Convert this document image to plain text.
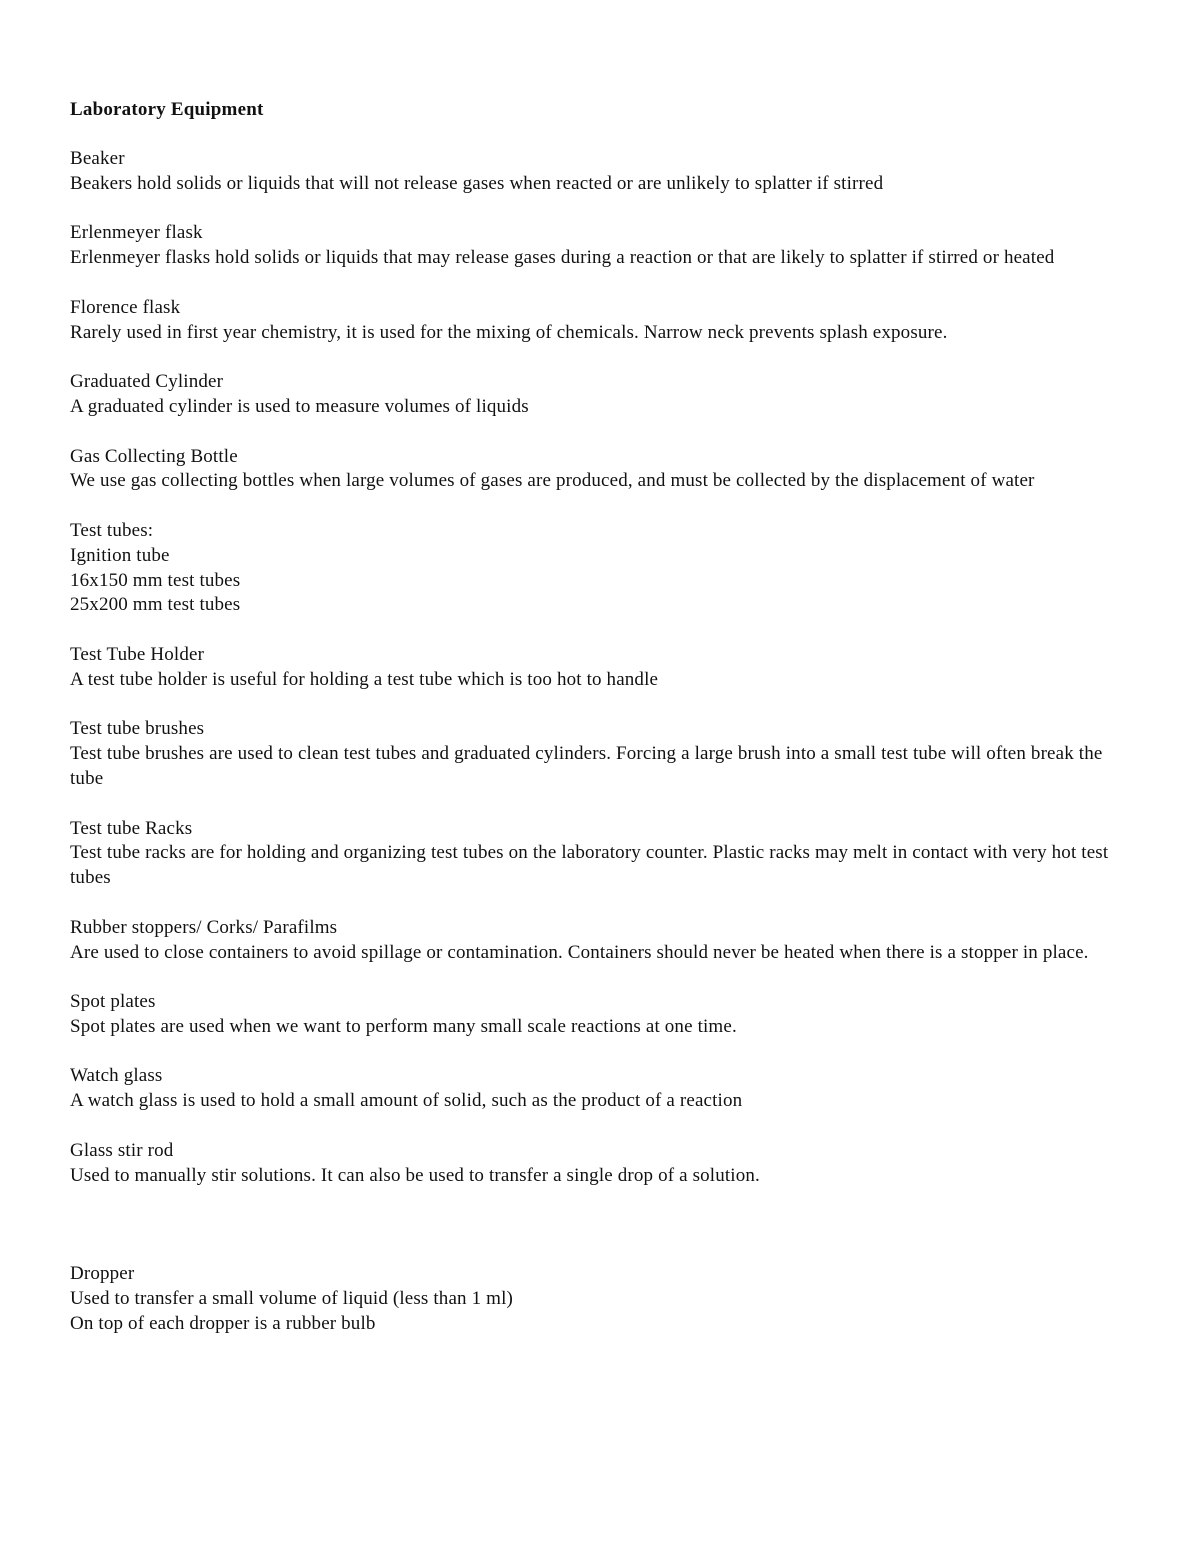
Laboratory Equipment
Beaker
Beakers hold solids or liquids that will not release gases when reacted or are unlikely to splatter if stirred
Erlenmeyer flask
Erlenmeyer flasks hold solids or liquids that may release gases during a reaction or that are likely to splatter if stirred or heated
Florence flask
Rarely used in first year chemistry, it is used for the mixing of chemicals. Narrow neck prevents splash exposure.
Graduated Cylinder
A graduated cylinder is used to measure volumes of liquids
Gas Collecting Bottle
We use gas collecting bottles when large volumes of gases are produced, and must be collected by the displacement of water
Test tubes:
Ignition tube
16x150 mm test tubes
25x200 mm test tubes
Test Tube Holder
A test tube holder is useful for holding a test tube which is too hot to handle
Test tube brushes
Test tube brushes are used to clean test tubes and graduated cylinders. Forcing a large brush into a small test tube will often break the tube
Test tube Racks
Test tube racks are for holding and organizing test tubes on the laboratory counter. Plastic racks may melt in contact with very hot test tubes
Rubber stoppers/ Corks/ Parafilms
Are used to close containers to avoid spillage or contamination. Containers should never be heated when there is a stopper in place.
Spot plates
Spot plates are used when we want to perform many small scale reactions at one time.
Watch glass
A watch glass is used to hold a small amount of solid, such as the product of a reaction
Glass stir rod
Used to manually stir solutions. It can also be used to transfer a single drop of a solution.
Dropper
Used to transfer a small volume of liquid (less than 1 ml)
On top of each dropper is a rubber bulb
